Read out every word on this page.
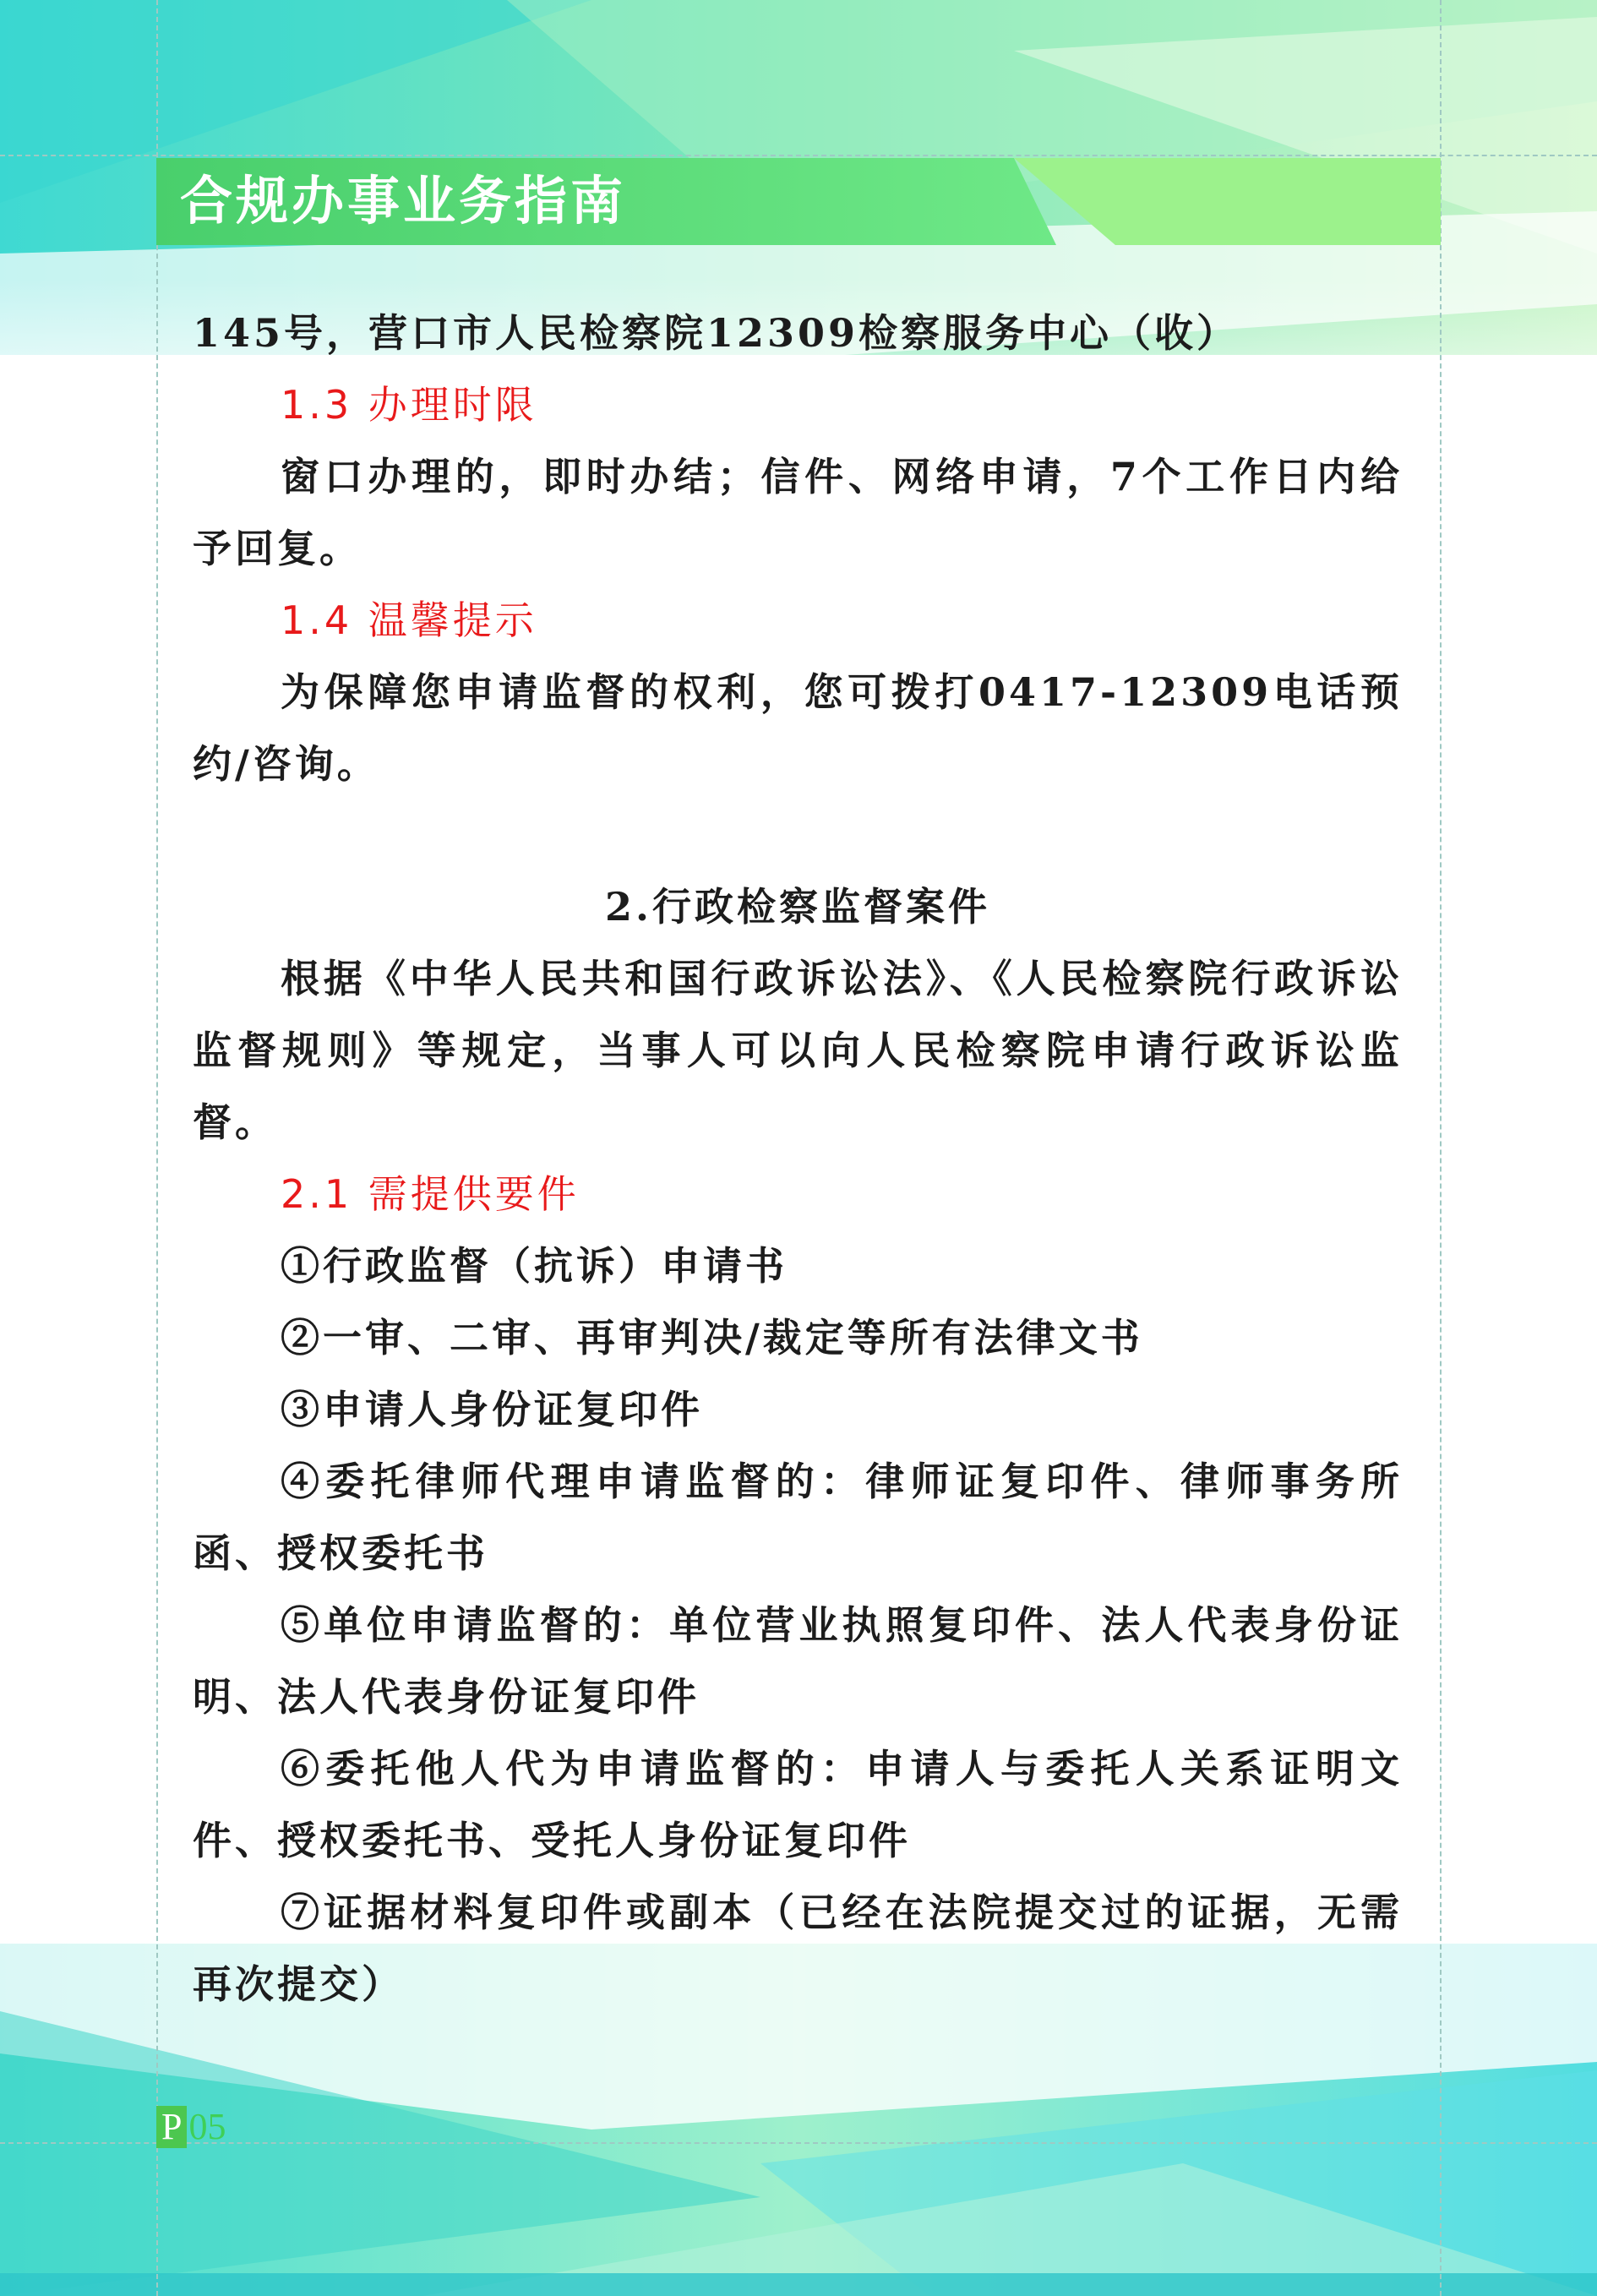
合规办事业务指南

145号，营口市人民检察院12309检察服务中心（收）

1.3 办理时限

窗口办理的，即时办结；信件、网络申请，7个工作日内给予回复。

1.4 温馨提示

为保障您申请监督的权利，您可拨打0417-12309电话预约/咨询。

2.行政检察监督案件

根据《中华人民共和国行政诉讼法》、《人民检察院行政诉讼监督规则》等规定，当事人可以向人民检察院申请行政诉讼监督。

2.1 需提供要件

①行政监督（抗诉）申请书

②一审、二审、再审判决/裁定等所有法律文书

③申请人身份证复印件

④委托律师代理申请监督的：律师证复印件、律师事务所函、授权委托书

⑤单位申请监督的：单位营业执照复印件、法人代表身份证明、法人代表身份证复印件

⑥委托他人代为申请监督的：申请人与委托人关系证明文件、授权委托书、受托人身份证复印件

⑦证据材料复印件或副本（已经在法院提交过的证据，无需再次提交）

P 05
